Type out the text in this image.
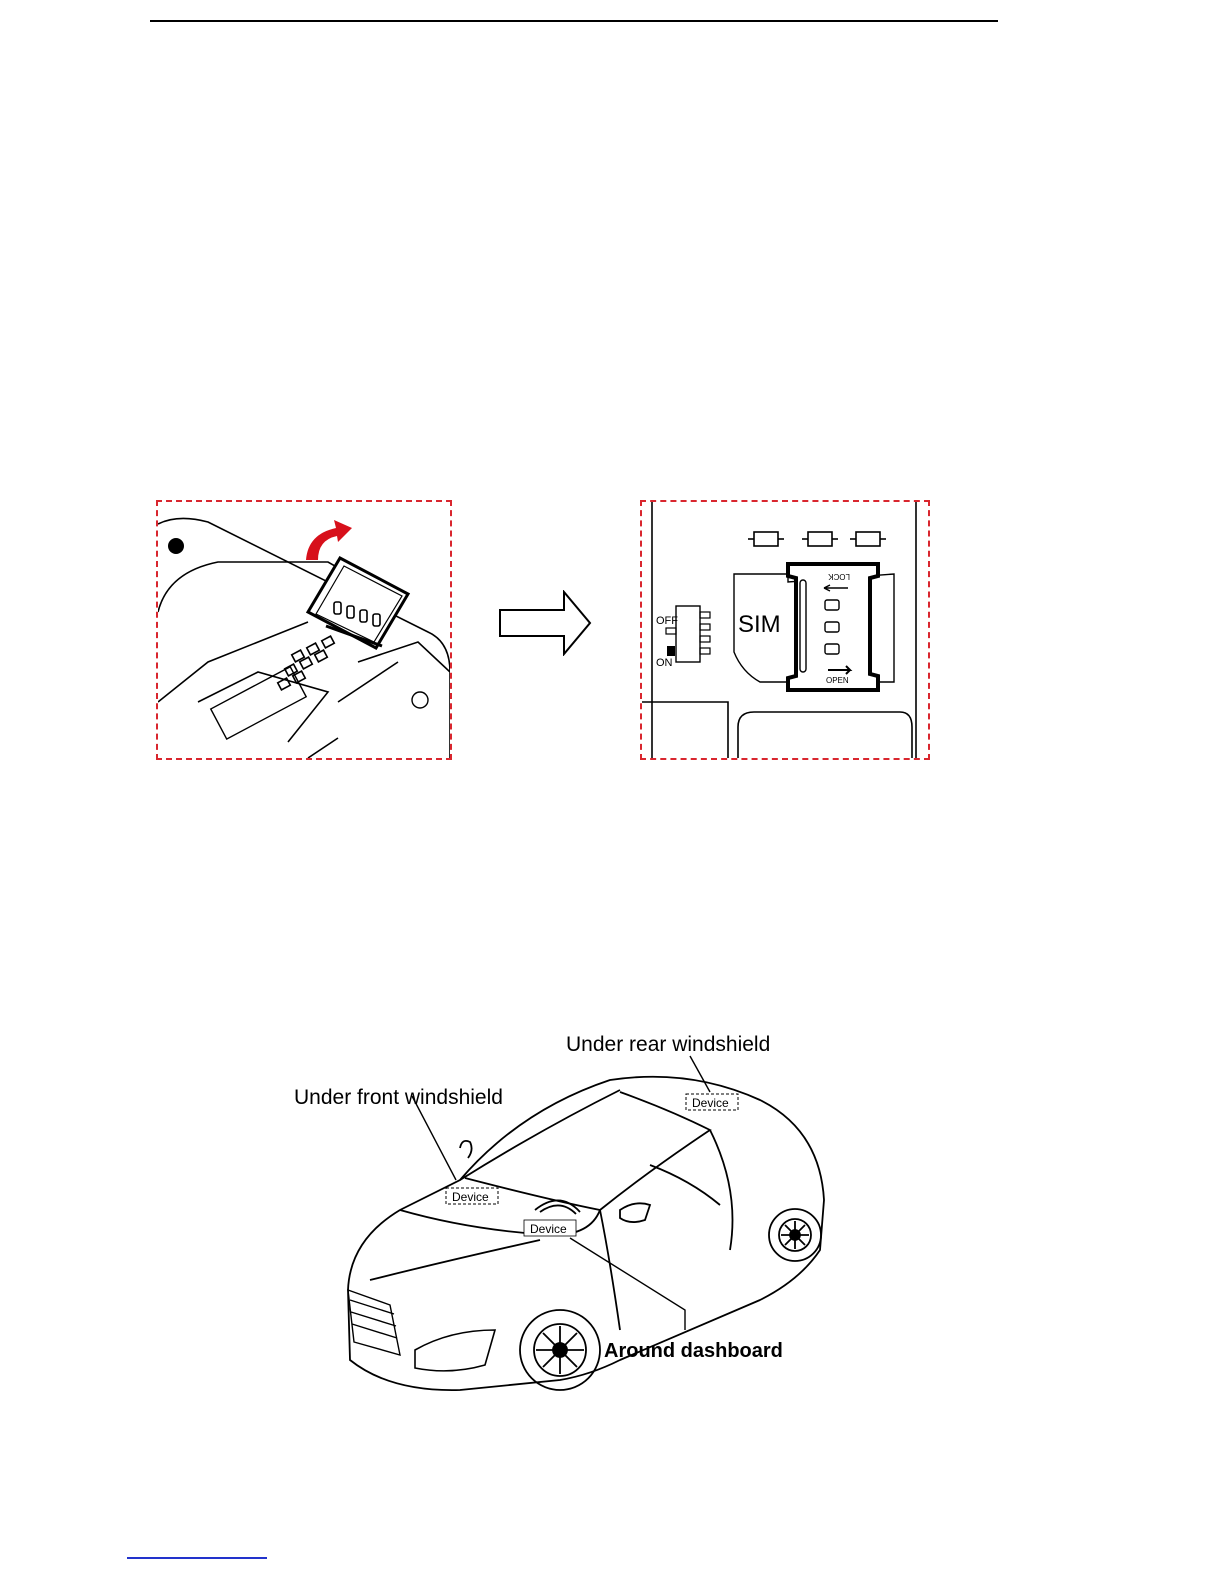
OFF
ON
SIM
LOCK
OPEN
Device
Device
Device
Under rear windshield
Under front windshield
Around dashboard
